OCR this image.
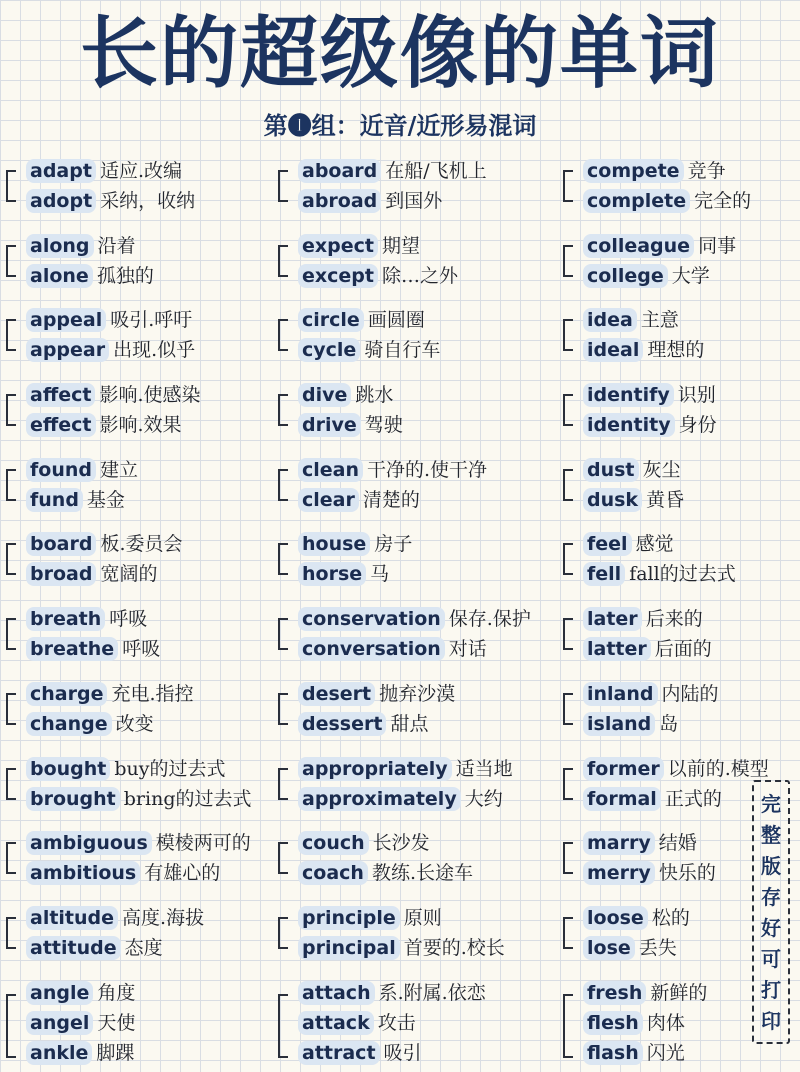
长的超级像的单词
第❶组：近音/近形易混词
adapt 适应.改编
adopt 采纳，收纳
along 沿着
alone 孤独的
appeal 吸引.呼吁
appear 出现.似乎
affect 影响.使感染
effect 影响.效果
found 建立
fund 基金
board 板.委员会
broad 宽阔的
breath 呼吸
breathe 呼吸
charge 充电.指控
change 改变
bought buy的过去式
brought bring的过去式
ambiguous 模棱两可的
ambitious 有雄心的
altitude 高度.海拔
attitude 态度
angle 角度
angel 天使
ankle 脚踝
aboard 在船/飞机上
abroad 到国外
expect 期望
except 除…之外
circle 画圆圈
cycle 骑自行车
dive 跳水
drive 驾驶
clean 干净的.使干净
clear 清楚的
house 房子
horse 马
conservation 保存.保护
conversation 对话
desert 抛弃沙漠
dessert 甜点
appropriately 适当地
approximately 大约
couch 长沙发
coach 教练.长途车
principle 原则
principal 首要的.校长
attach 系.附属.依恋
attack 攻击
attract 吸引
compete 竞争
complete 完全的
colleague 同事
college 大学
idea 主意
ideal 理想的
identify 识别
identity 身份
dust 灰尘
dusk 黄昏
feel 感觉
fell fall的过去式
later 后来的
latter 后面的
inland 内陆的
island 岛
former 以前的.模型
formal 正式的
marry 结婚
merry 快乐的
loose 松的
lose 丢失
fresh 新鲜的
flesh 肉体
flash 闪光
完
整
版
存
好
可
打
印
